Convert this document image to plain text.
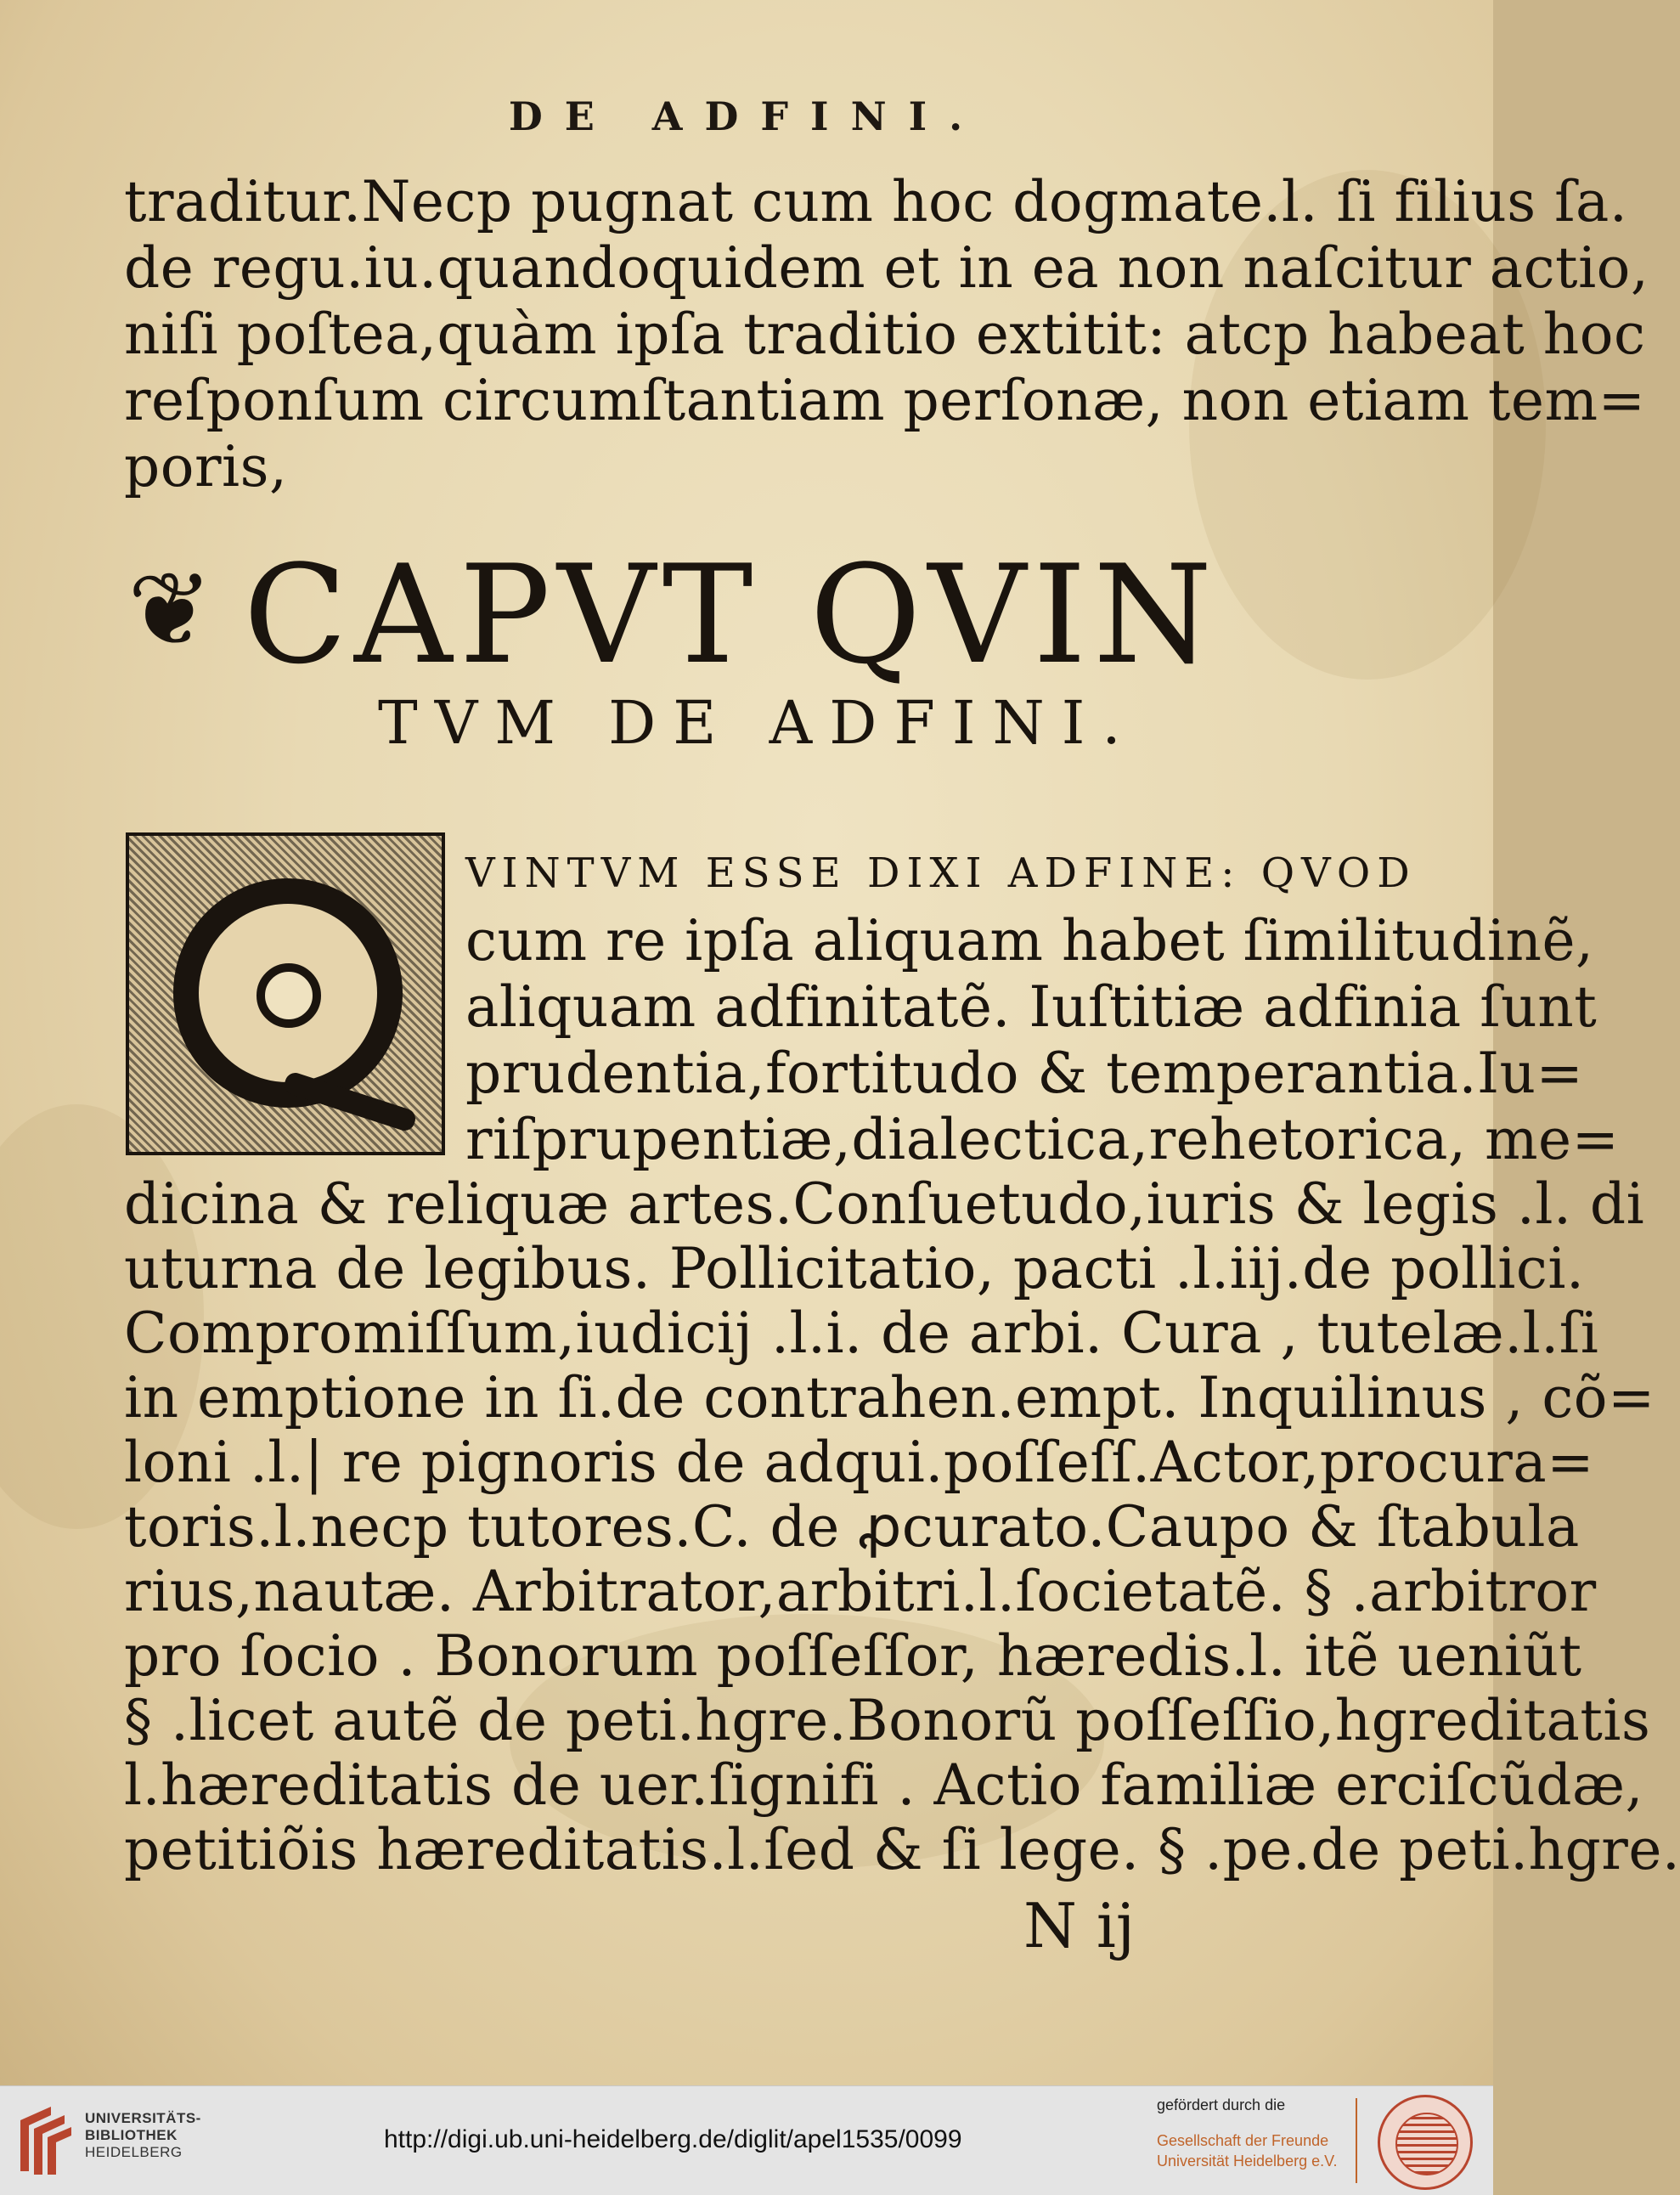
DE ADFINI.
traditur.Necp pugnat cum hoc dogmate.l. ſi filius ſa.
de regu.iu.quandoquidem et in ea non naſcitur actio,
niſi poſtea,quàm ipſa traditio extitit: atcp habeat hoc
reſponſum circumſtantiam perſonæ, non etiam tem=
poris,
❦ CAPVT QVIN
TVM DE ADFINI.
VINTVM ESSE DIXI ADFINE: QVOD
cum re ipſa aliquam habet ſimilitudinẽ,
aliquam adfinitatẽ. Iuſtitiæ adfinia ſunt
prudentia,fortitudo & temperantia.Iu=
riſprupentiæ,dialectica,rehetorica, me=
dicina & reliquæ artes.Conſuetudo,iuris & legis .l. di
uturna de legibus. Pollicitatio, pacti .l.iij.de pollici.
Compromiſſum,iudicij .l.i. de arbi. Cura , tutelæ.l.ſi
in emptione in ſi.de contrahen.empt. Inquilinus , cõ=
loni .l.| re pignoris de adqui.poſſeſſ.Actor,procura=
toris.l.necp tutores.C. de ꝓcurato.Caupo & ſtabula
rius,nautæ. Arbitrator,arbitri.l.ſocietatẽ. § .arbitror
pro ſocio . Bonorum poſſeſſor, hæredis.l. itẽ ueniũt
§ .licet autẽ de peti.hgre.Bonorũ poſſeſſio,hgreditatis
l.hæreditatis de uer.ſignifi . Actio familiæ erciſcũdæ,
petitiõis hæreditatis.l.ſed & ſi lege. § .pe.de peti.hgre.
N ij
UNIVERSITÄTS-
BIBLIOTHEK
HEIDELBERG	http://digi.ub.uni-heidelberg.de/diglit/apel1535/0099
gefördert durch die
Gesellschaft der Freunde
Universität Heidelberg e.V.
